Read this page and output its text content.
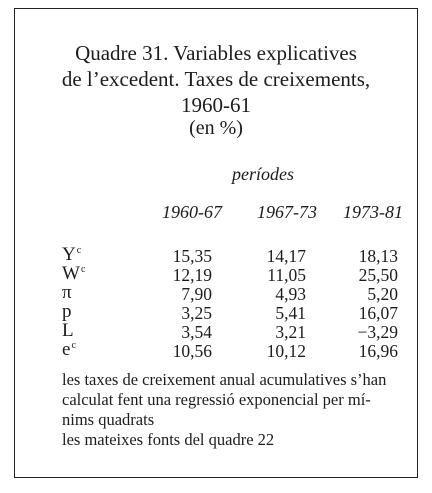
Quadre 31. Variables explicatives
de l’excedent. Taxes de creixements,
1960-61
(en %)
períodes
1960-67	1967-73	1973-81
$Y^c$	15,35	14,17	18,13
$W^c$	12,19	11,05	25,50
π	7,90	4,93	5,20
p	3,25	5,41	16,07
L	3,54	3,21	−3,29
$e^c$	10,56	10,12	16,96
les taxes de creixement anual acumulatives s’han
calculat fent una regressió exponencial per mí-
nims quadrats
les mateixes fonts del quadre 22
